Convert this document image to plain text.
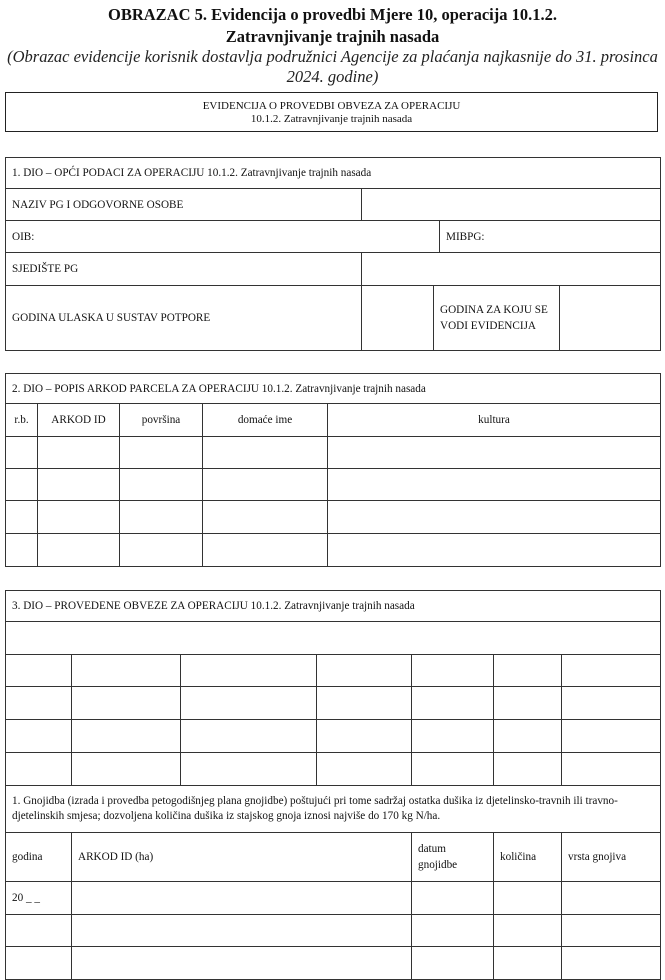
OBRAZAC 5. Evidencija o provedbi Mjere 10, operacija 10.1.2.
Zatravnjivanje trajnih nasada
(Obrazac evidencije korisnik dostavlja podružnici Agencije za plaćanja najkasnije do 31. prosinca
2024. godine)
EVIDENCIJA O PROVEDBI OBVEZA ZA OPERACIJU
10.1.2. Zatravnjivanje trajnih nasada
1. DIO – OPĆI PODACI ZA OPERACIJU 10.1.2. Zatravnjivanje trajnih nasada				
NAZIV PG I ODGOVORNE OSOBE				
OIB:			MIBPG:	
SJEDIŠTE PG				
GODINA ULASKA U SUSTAV POTPORE		GODINA ZA KOJU SE VODI EVIDENCIJA		
2. DIO – POPIS ARKOD PARCELA ZA OPERACIJU 10.1.2. Zatravnjivanje trajnih nasada				
r.b.	ARKOD ID	površina	domaće ime	kultura

3. DIO – PROVEDENE OBVEZE ZA OPERACIJU 10.1.2. Zatravnjivanje trajnih nasada						

1. Gnojidba (izrada i provedba petogodišnjeg plana gnojidbe) poštujući pri tome sadržaj ostatka dušika iz djetelinsko-travnih ili travno-djetelinskih smjesa; dozvoljena količina dušika iz stajskog gnoja iznosi najviše do 170 kg N/ha.						
godina	ARKOD ID (ha)			datum gnojidbe	količina	vrsta gnojiva
20 _ _						
